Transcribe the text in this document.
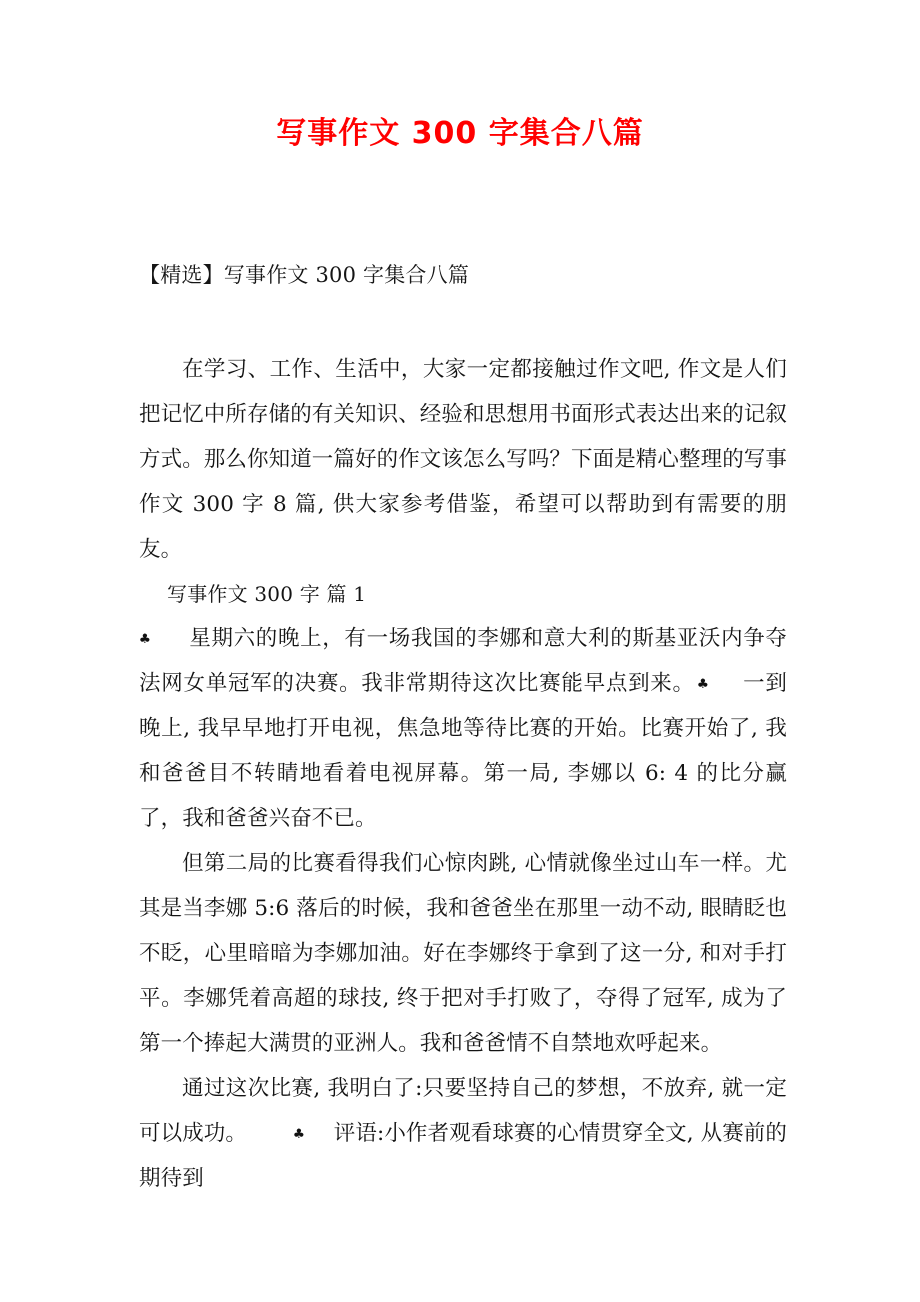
写事作文 300 字集合八篇

【精选】写事作文 300 字集合八篇

在学习、工作、生活中，大家一定都接触过作文吧, 作文是人们把记忆中所存储的有关知识、经验和思想用书面形式表达出来的记叙方式。那么你知道一篇好的作文该怎么写吗？下面是精心整理的写事作文 300 字 8 篇, 供大家参考借鉴，希望可以帮助到有需要的朋友。

写事作文 300 字 篇 1

♣ 星期六的晚上，有一场我国的李娜和意大利的斯基亚沃内争夺法网女单冠军的决赛。我非常期待这次比赛能早点到来。 ♣ 一到晚上, 我早早地打开电视，焦急地等待比赛的开始。比赛开始了, 我和爸爸目不转睛地看着电视屏幕。第一局, 李娜以 6: 4 的比分赢了，我和爸爸兴奋不已。

但第二局的比赛看得我们心惊肉跳, 心情就像坐过山车一样。尤其是当李娜 5:6 落后的时候，我和爸爸坐在那里一动不动, 眼睛眨也不眨，心里暗暗为李娜加油。好在李娜终于拿到了这一分, 和对手打平。李娜凭着高超的球技, 终于把对手打败了，夺得了冠军, 成为了第一个捧起大满贯的亚洲人。我和爸爸情不自禁地欢呼起来。

通过这次比赛, 我明白了:只要坚持自己的梦想，不放弃, 就一定可以成功。	♣ 评语:小作者观看球赛的心情贯穿全文, 从赛前的期待到
